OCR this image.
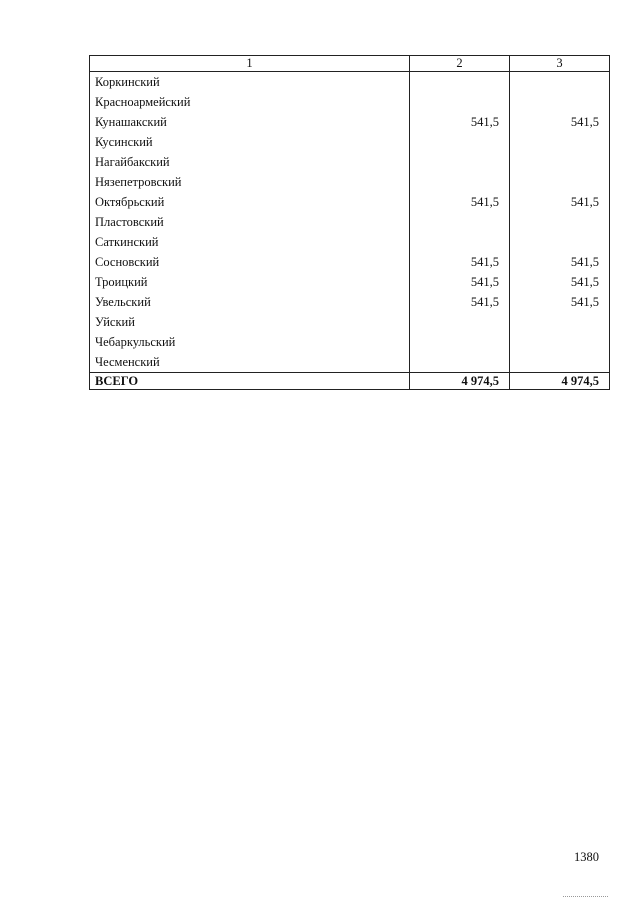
1	2	3
Коркинский		
Красноармейский		
Кунашакский	541,5	541,5
Кусинский		
Нагайбакский		
Нязепетровский		
Октябрьский	541,5	541,5
Пластовский		
Саткинский		
Сосновский	541,5	541,5
Троицкий	541,5	541,5
Увельский	541,5	541,5
Уйский		
Чебаркульский		
Чесменский		
ВСЕГО	4 974,5	4 974,5
1380
